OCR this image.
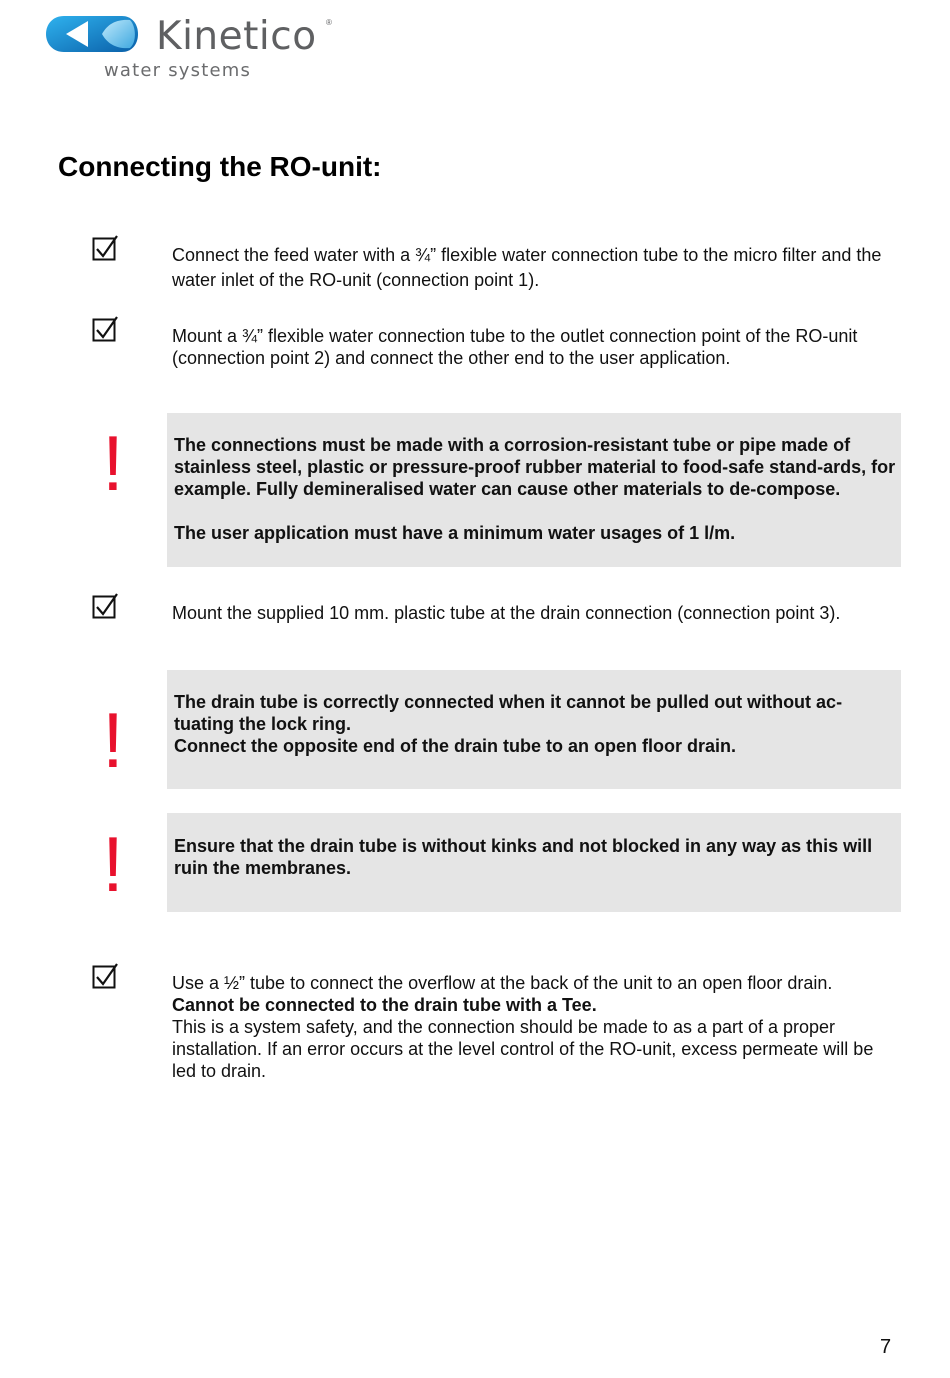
Kinetico ®
water systems
Connecting the RO-unit:

Connect the feed water with a ¾” flexible water connection tube to the micro filter and the water inlet of the RO-unit (connection point 1).

Mount a ¾” flexible water connection tube to the outlet connection point of the RO-unit (connection point 2) and connect the other end to the user application.

!	The connections must be made with a corrosion-resistant tube or pipe made of stainless steel, plastic or pressure-proof rubber material to food-safe stand-ards, for example. Fully demineralised water can cause other materials to de-compose.

The user application must have a minimum water usages of 1 l/m.

Mount the supplied 10 mm. plastic tube at the drain connection (connection point 3).

!	The drain tube is correctly connected when it cannot be pulled out without ac-tuating the lock ring.

Connect the opposite end of the drain tube to an open floor drain.

!	Ensure that the drain tube is without kinks and not blocked in any way as this will ruin the membranes.

Use a ½” tube to connect the overflow at the back of the unit to an open floor drain.

Cannot be connected to the drain tube with a Tee.

This is a system safety, and the connection should be made to as a part of a proper installation. If an error occurs at the level control of the RO-unit, excess permeate will be led to drain.

7
